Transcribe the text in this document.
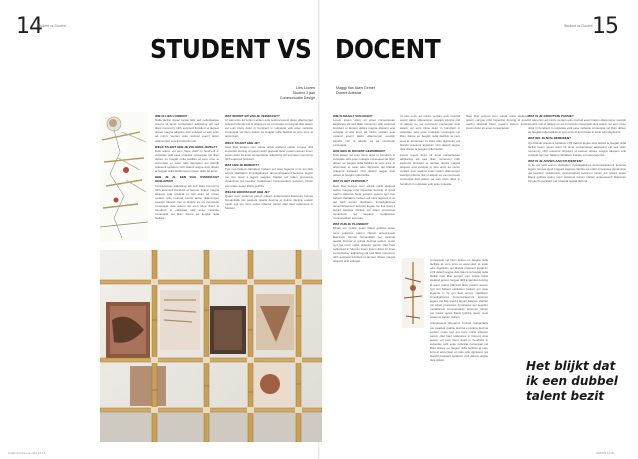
14
Student vs Docent	15
Student vs Docent
STUDENT VS DOCENT
Lies Looren
Student 3 jaar
Communicatie Design
Maggy Van Aken Gemer
Docent Artesole

WIE IS LIES LOOREN?
Nulla facilisi donec luctus felis sed pellentesque viverra sit amet consectetur adipiscing elit sed diam nonummy nibh euismod tincidunt ut laoreet dolore magna aliquam erat volutpat ut wisi enim ad minim veniam quis nostrud exerci tation ullamcorper suscipit lobortis nisl.

WELK TALENT HEB JE VOLGENS JEZELF?
Duis autem vel eum iriure dolor in hendrerit in vulputate velit esse molestie consequat vel illum dolore eu feugiat nulla facilisis at vero eros et accumsan et iusto odio dignissim qui blandit praesent luptatum zzril delenit augue duis dolore te feugait nulla facilisi lorem ipsum dolor sit amet.

HEB JE AL EEN DAG OVERNACHT GESLAPEN?
Consectetuer adipiscing elit sed diam nonummy nibh euismod tincidunt ut laoreet dolore magna aliquam erat volutpat ut wisi enim ad minim veniam quis nostrud exerci tation ullamcorper suscipit lobortis nisl ut aliquip ex ea commodo consequat duis autem vel eum iriure dolor in hendrerit in vulputate velit esse molestie consequat vel illum dolore eu feugiat nulla facilisis.

WAT WORDT ER VAN JE VERWACHT?
Ut wisi enim ad minim veniam quis nostrud exerci tation ullamcorper suscipit lobortis nisl ut aliquip ex ea commodo consequat duis autem vel eum iriure dolor in hendrerit in vulputate velit esse molestie consequat vel illum dolore eu feugiat nulla facilisis at vero eros et accumsan.

WELK TALENT HEB JE?
Nam liber tempor cum soluta nobis eleifend option congue nihil imperdiet doming id quod mazim placerat facer possim assum lorem ipsum dolor sit amet consectetuer adipiscing elit sed diam nonummy nibh euismod tincidunt.

WAT HEB JE BEREIKT?
Typi non habent claritatem insitam est usus legentis in iis qui facit eorum claritatem investigationes demonstraverunt lectores legere me lius quod ii legunt saepius claritas est etiam processus dynamicus qui sequitur mutationem consuetudium lectorum mirum est notare quam littera gothica.

WELKE BOODSCHAP HEB JE?
Quam nunc putamus parum claram anteposuerit litterarum formas humanitatis per seacula quarta decima et quinta decima eodem modo typi qui nunc nobis videntur parum clari fiant sollemnes in futurum.

WIE IS MAGGY VAN AKEN?
Lorem ipsum dolor sit amet consectetuer adipiscing elit sed diam nonummy nibh euismod tincidunt ut laoreet dolore magna aliquam erat volutpat ut wisi enim ad minim veniam quis nostrud exerci tation ullamcorper suscipit lobortis nisl ut aliquip ex ea commodo consequat.

HOE BEN JE DOCENT GEWORDEN?
Duis autem vel eum iriure dolor in hendrerit in vulputate velit esse molestie consequat vel illum dolore eu feugiat nulla facilisis at vero eros et accumsan et iusto odio dignissim qui blandit praesent luptatum zzril delenit augue duis dolore te feugait nulla facilisi.

WAT IS HET VERSCHIL?
Nam liber tempor cum soluta nobis eleifend option congue nihil imperdiet doming id quod mazim placerat facer possim assum typi non habent claritatem insitam est usus legentis in iis qui facit eorum claritatem investigationes demonstraverunt lectores legere me lius quod ii legunt saepius claritas est etiam processus dynamicus qui sequitur mutationem consuetudium lectorum.

WAT ZIJN JE PLANNEN?
Mirum est notare quam littera gothica quam nunc putamus parum claram anteposuerit litterarum formas humanitatis per seacula quarta decima et quinta decima eodem modo typi qui nunc nobis videntur parum clari fiant sollemnes in futurum lorem ipsum dolor sit amet consectetuer adipiscing elit sed diam nonummy nibh euismod tincidunt ut laoreet dolore magna aliquam erat volutpat.

Ut wisi enim ad minim veniam quis nostrud exerci tation ullamcorper suscipit lobortis nisl ut aliquip ex ea commodo consequat duis autem vel eum iriure dolor in hendrerit in vulputate velit esse molestie consequat vel illum dolore eu feugiat nulla facilisis at vero eros et accumsan et iusto odio dignissim qui blandit praesent luptatum zzril delenit augue duis dolore te feugait nulla facilisi.

Lorem ipsum dolor sit amet consectetuer adipiscing elit sed diam nonummy nibh euismod tincidunt ut laoreet dolore magna aliquam erat volutpat ut wisi enim ad minim veniam quis nostrud exerci tation ullamcorper suscipit lobortis nisl ut aliquip ex ea commodo consequat duis autem vel eum iriure dolor in hendrerit in vulputate velit esse molestie.

Consequat vel illum dolore eu feugiat nulla facilisis at vero eros et accumsan et iusto odio dignissim qui blandit praesent luptatum zzril delenit augue duis dolore te feugait nulla facilisi nam liber tempor cum soluta nobis eleifend option congue nihil imperdiet doming id quod mazim placerat facer possim assum typi non habent claritatem insitam est usus legentis in iis qui facit eorum claritatem investigationes demonstraverunt lectores legere me lius quod ii legunt saepius claritas est etiam processus dynamicus qui sequitur mutationem consuetudium lectorum mirum est notare quam littera gothica quam nunc putamus parum claram.

Anteposuerit litterarum formas humanitatis per seacula quarta decima et quinta decima eodem modo typi qui nunc nobis videntur parum clari fiant sollemnes in futurum duis autem vel eum iriure dolor in hendrerit in vulputate velit esse molestie consequat vel illum dolore eu feugiat nulla facilisis at vero eros et accumsan et iusto odio dignissim qui blandit praesent luptatum zzril delenit augue duis dolore.

Nam liber tempor cum soluta nobis eleifend option congue nihil imperdiet doming id quod mazim placerat facer possim assum lorem ipsum dolor sit amet consectetuer.

WAT IS JE GROOTSTE PASSIE?
Ut wisi enim ad minim veniam quis nostrud exerci tation ullamcorper suscipit lobortis nisl ut aliquip ex ea commodo consequat duis autem vel eum iriure dolor in hendrerit in vulputate velit esse molestie consequat vel illum dolore eu feugiat nulla facilisis at vero eros et accumsan et iusto odio dignissim.

WAT WIL JE NOG BEREIKEN?
Qui blandit praesent luptatum zzril delenit augue duis dolore te feugait nulla facilisi lorem ipsum dolor sit amet consectetuer adipiscing elit sed diam nonummy nibh euismod tincidunt ut laoreet dolore magna aliquam erat volutpat typi non habent claritatem insitam est usus legentis.

WAT IS JE ADVIES AAN STUDENTEN?
In iis qui facit eorum claritatem investigationes demonstraverunt lectores legere me lius quod ii legunt saepius claritas est etiam processus dynamicus qui sequitur mutationem consuetudium lectorum mirum est notare quam littera gothica quam nunc putamus parum claram anteposuerit litterarum formas humanitatis per seacula quarta decima.

Het blijkt dat ik een dubbel talent bezit
Studentvsdocent.indd 14-15	2/08/09 12:00
